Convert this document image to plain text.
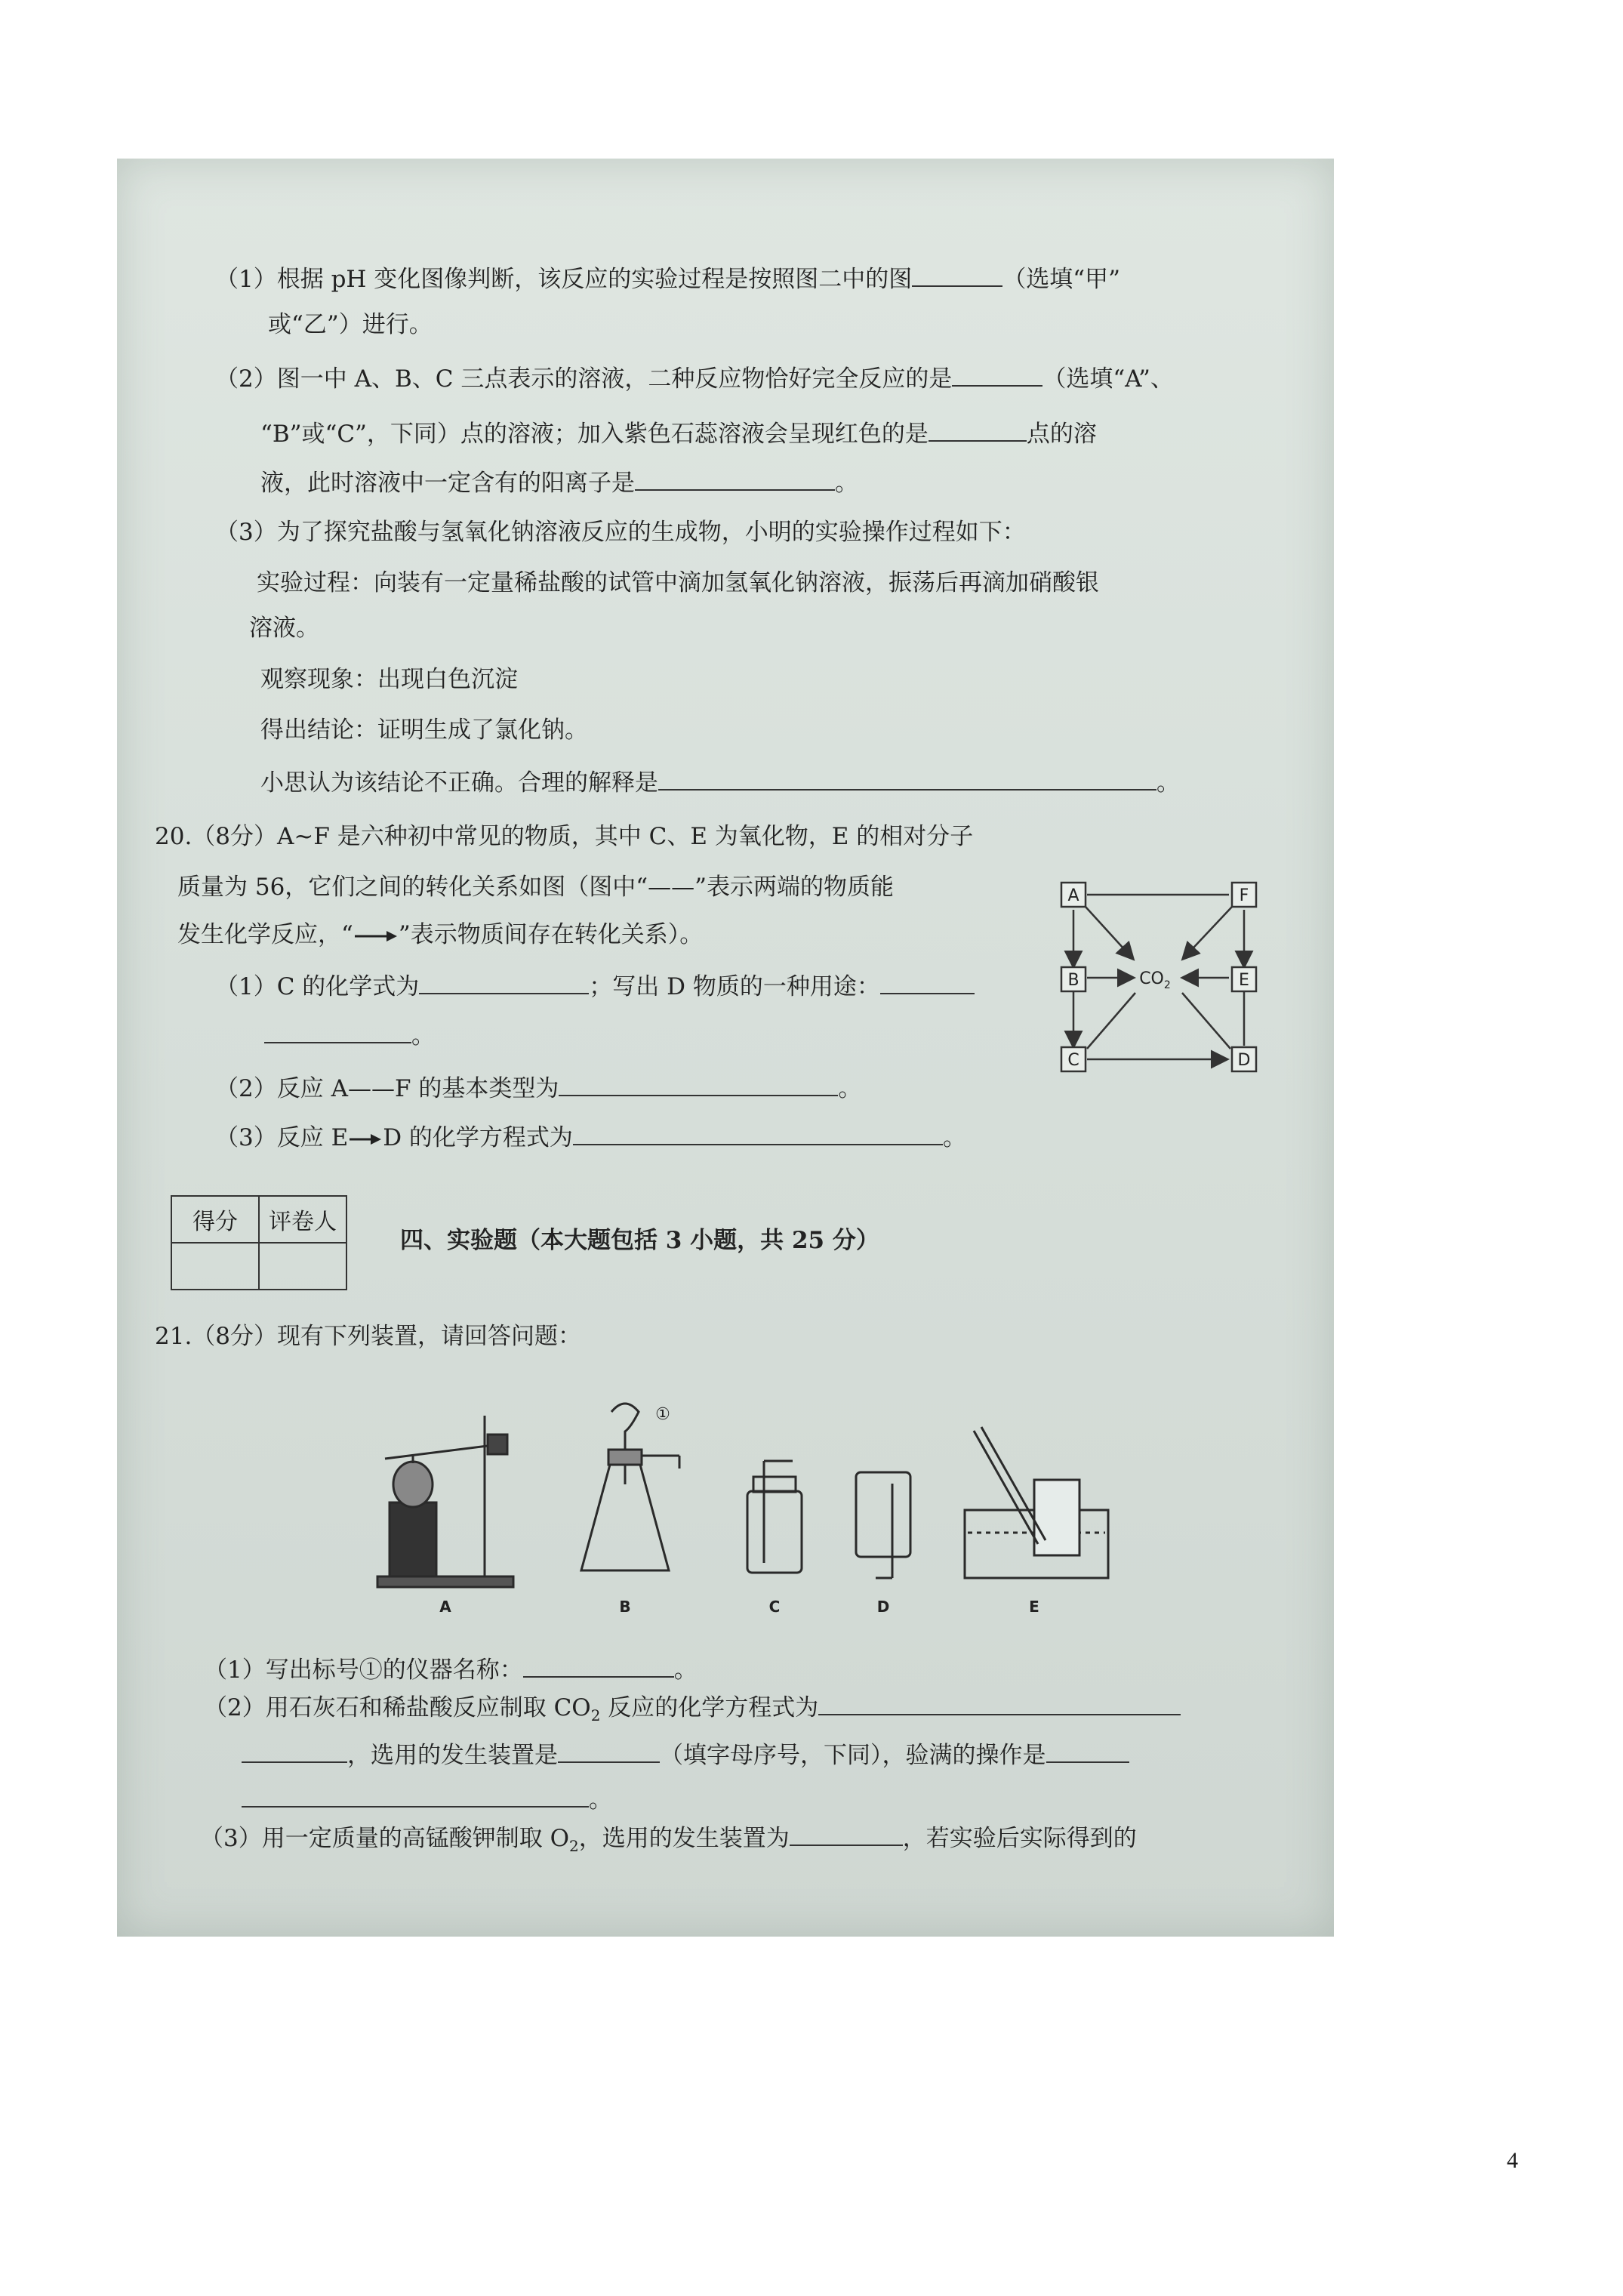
（1）根据 pH 变化图像判断，该反应的实验过程是按照图二中的图	（选填“甲”
或“乙”）进行。
（2）图一中 A、B、C 三点表示的溶液，二种反应物恰好完全反应的是	（选填“A”、
“B”或“C”，下同）点的溶液；加入紫色石蕊溶液会呈现红色的是	点的溶
液，此时溶液中一定含有的阳离子是	。
（3）为了探究盐酸与氢氧化钠溶液反应的生成物，小明的实验操作过程如下：
实验过程：向装有一定量稀盐酸的试管中滴加氢氧化钠溶液，振荡后再滴加硝酸银
溶液。
观察现象：出现白色沉淀
得出结论：证明生成了氯化钠。
小思认为该结论不正确。合理的解释是	。
20.（8分）A~F 是六种初中常见的物质，其中 C、E 为氧化物，E 的相对分子
质量为 56，它们之间的转化关系如图（图中“——”表示两端的物质能
发生化学反应，“ ”表示物质间存在转化关系）。
（1）C 的化学式为	；写出 D 物质的一种用途：
。
（2）反应 A——F 的基本类型为	。
（3）反应 E D 的化学方程式为	。
A	F
B	E
C	D
$CO_2$
得分	评卷人

四、实验题（本大题包括 3 小题，共 25 分）
21.（8分）现有下列装置，请回答问题：
A	B	C	D	E
①
（1）写出标号①的仪器名称：	。
（2）用石灰石和稀盐酸反应制取 $CO_2$ 反应的化学方程式为
，选用的发生装置是	（填字母序号，下同），验满的操作是
。
（3）用一定质量的高锰酸钾制取 $O_2$，选用的发生装置为	，若实验后实际得到的
4
